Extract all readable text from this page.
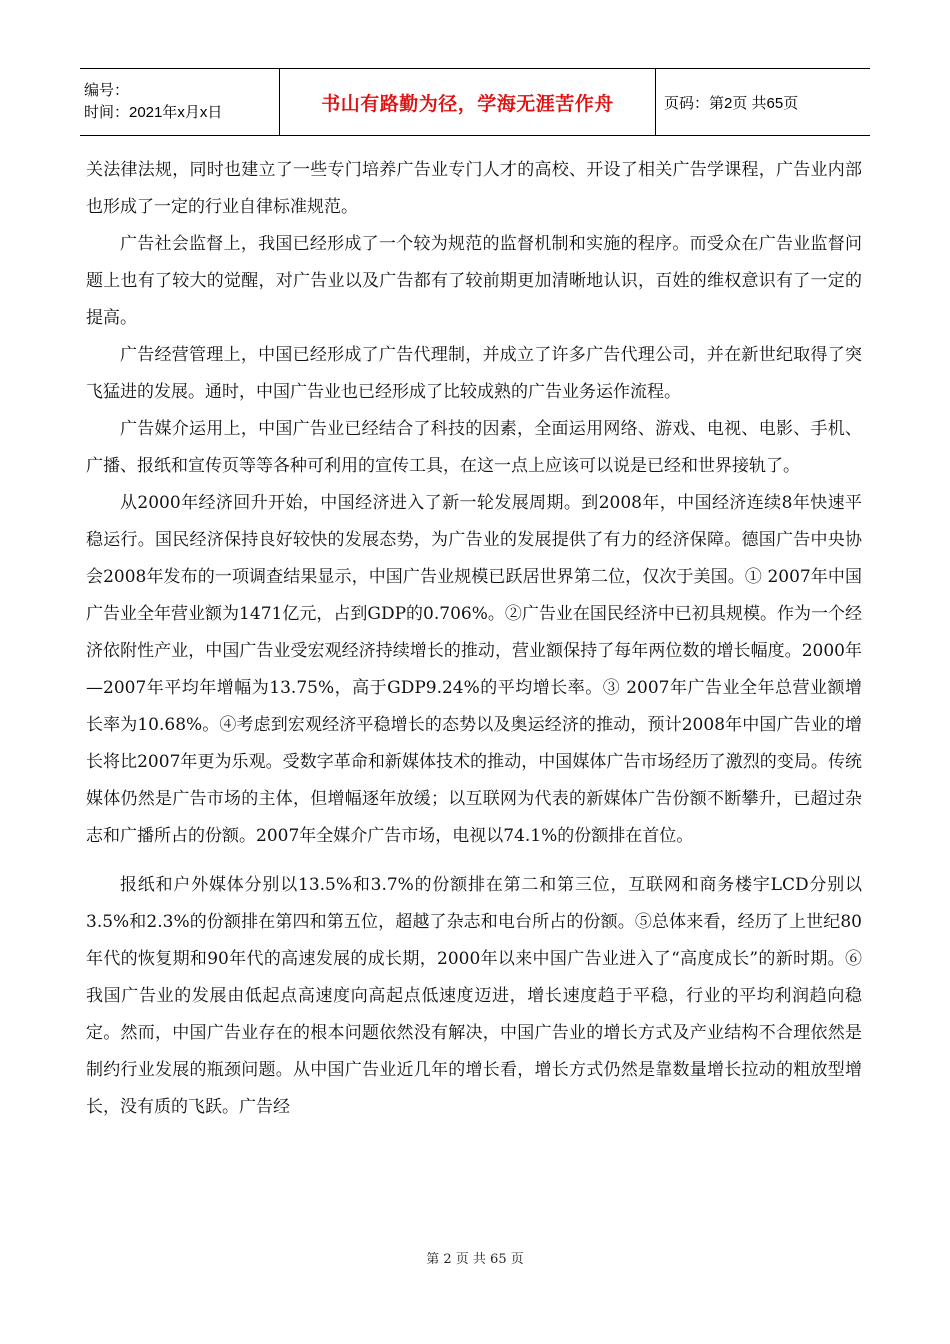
编号：
时间：2021年x月x日	书山有路勤为径，学海无涯苦作舟	页码：第2页 共65页

关法律法规，同时也建立了一些专门培养广告业专门人才的高校、开设了相关广告学课程，广告业内部也形成了一定的行业自律标准规范。

广告社会监督上，我国已经形成了一个较为规范的监督机制和实施的程序。而受众在广告业监督问题上也有了较大的觉醒，对广告业以及广告都有了较前期更加清晰地认识，百姓的维权意识有了一定的提高。

广告经营管理上，中国已经形成了广告代理制，并成立了许多广告代理公司，并在新世纪取得了突飞猛进的发展。通时，中国广告业也已经形成了比较成熟的广告业务运作流程。

广告媒介运用上，中国广告业已经结合了科技的因素，全面运用网络、游戏、电视、电影、手机、广播、报纸和宣传页等等各种可利用的宣传工具，在这一点上应该可以说是已经和世界接轨了。

从2000年经济回升开始，中国经济进入了新一轮发展周期。到2008年，中国经济连续8年快速平稳运行。国民经济保持良好较快的发展态势，为广告业的发展提供了有力的经济保障。德国广告中央协会2008年发布的一项调查结果显示，中国广告业规模已跃居世界第二位，仅次于美国。① 2007年中国广告业全年营业额为1471亿元，占到GDP的0.706%。②广告业在国民经济中已初具规模。作为一个经济依附性产业，中国广告业受宏观经济持续增长的推动，营业额保持了每年两位数的增长幅度。2000年—2007年平均年增幅为13.75%，高于GDP9.24%的平均增长率。③ 2007年广告业全年总营业额增长率为10.68%。④考虑到宏观经济平稳增长的态势以及奥运经济的推动，预计2008年中国广告业的增长将比2007年更为乐观。受数字革命和新媒体技术的推动，中国媒体广告市场经历了激烈的变局。传统媒体仍然是广告市场的主体，但增幅逐年放缓；以互联网为代表的新媒体广告份额不断攀升，已超过杂志和广播所占的份额。2007年全媒介广告市场，电视以74.1%的份额排在首位。

报纸和户外媒体分别以13.5%和3.7%的份额排在第二和第三位，互联网和商务楼宇LCD分别以3.5%和2.3%的份额排在第四和第五位，超越了杂志和电台所占的份额。⑤总体来看，经历了上世纪80年代的恢复期和90年代的高速发展的成长期，2000年以来中国广告业进入了“高度成长”的新时期。⑥我国广告业的发展由低起点高速度向高起点低速度迈进，增长速度趋于平稳，行业的平均利润趋向稳定。然而，中国广告业存在的根本问题依然没有解决，中国广告业的增长方式及产业结构不合理依然是制约行业发展的瓶颈问题。从中国广告业近几年的增长看，增长方式仍然是靠数量增长拉动的粗放型增长，没有质的飞跃。广告经

第 2 页 共 65 页
